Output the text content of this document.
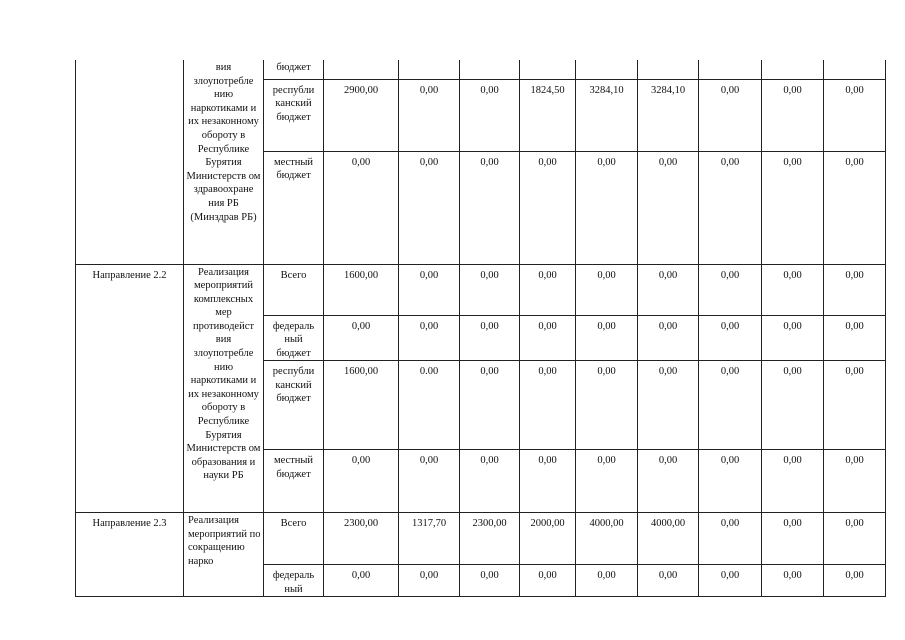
	вия злоупотребле нию наркотиками и их незаконному обороту в Республике Бурятия Министерств ом здравоохране ния РБ (Минздрав РБ)	бюджет									
		республи канский бюджет	2900,00	0,00	0,00	1824,50	3284,10	3284,10	0,00	0,00	0,00
		местный бюджет	0,00	0,00	0,00	0,00	0,00	0,00	0,00	0,00	0,00
Направление 2.2	Реализация мероприятий комплексных мер противодейст вия злоупотребле нию наркотиками и их незаконному обороту в Республике Бурятия Министерств ом образования и науки РБ	Всего	1600,00	0,00	0,00	0,00	0,00	0,00	0,00	0,00	0,00
		федераль ный бюджет	0,00	0,00	0,00	0,00	0,00	0,00	0,00	0,00	0,00
		республи канский бюджет	1600,00	0.00	0,00	0,00	0,00	0,00	0,00	0,00	0,00
		местный бюджет	0,00	0,00	0,00	0,00	0,00	0,00	0,00	0,00	0,00
Направление 2.3	Реализация мероприятий по сокращению нарко	Всего	2300,00	1317,70	2300,00	2000,00	4000,00	4000,00	0,00	0,00	0,00
		федераль ный	0,00	0,00	0,00	0,00	0,00	0,00	0,00	0,00	0,00
